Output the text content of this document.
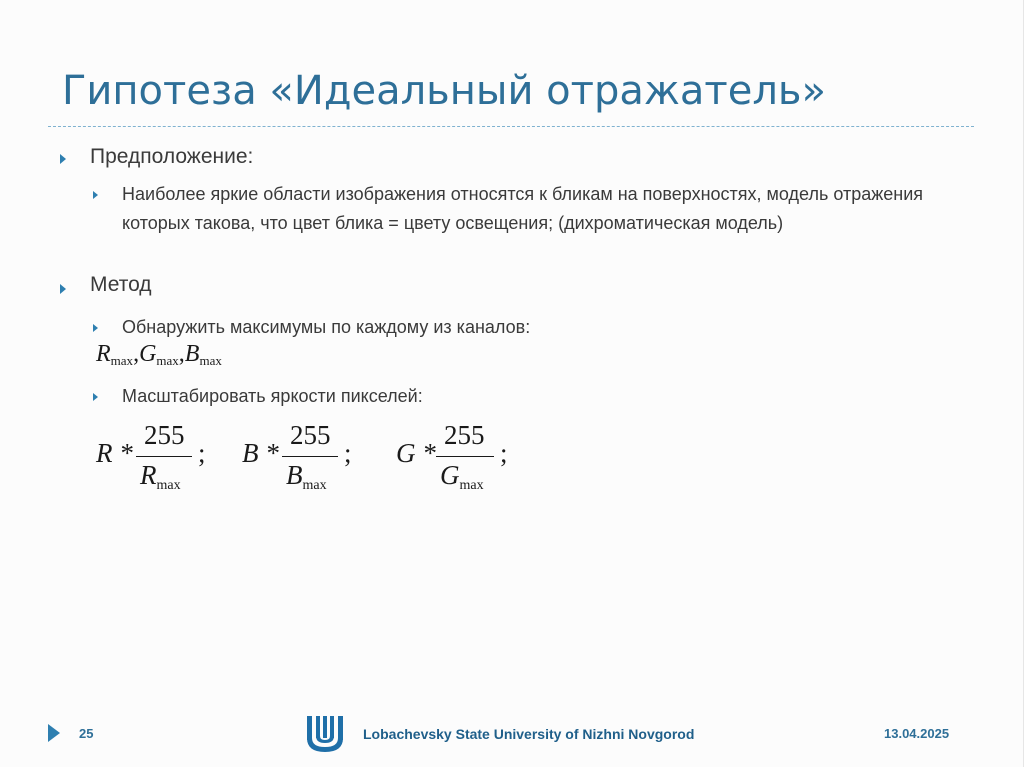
Гипотеза «Идеальный отражатель»
Предположение:
Наиболее яркие области изображения относятся к бликам на поверхностях, модель отражения которых такова, что цвет блика = цвету освещения; (дихроматическая модель)
Метод
Обнаружить максимумы по каждому из каналов:
$R_{max},G_{max},B_{max}$
Масштабировать яркости пикселей:
R *
255
$R_{max}$
; B *
255
$B_{max}$
; G *
255
$G_{max}$
;
25	Lobachevsky State University of Nizhni Novgorod	13.04.2025
